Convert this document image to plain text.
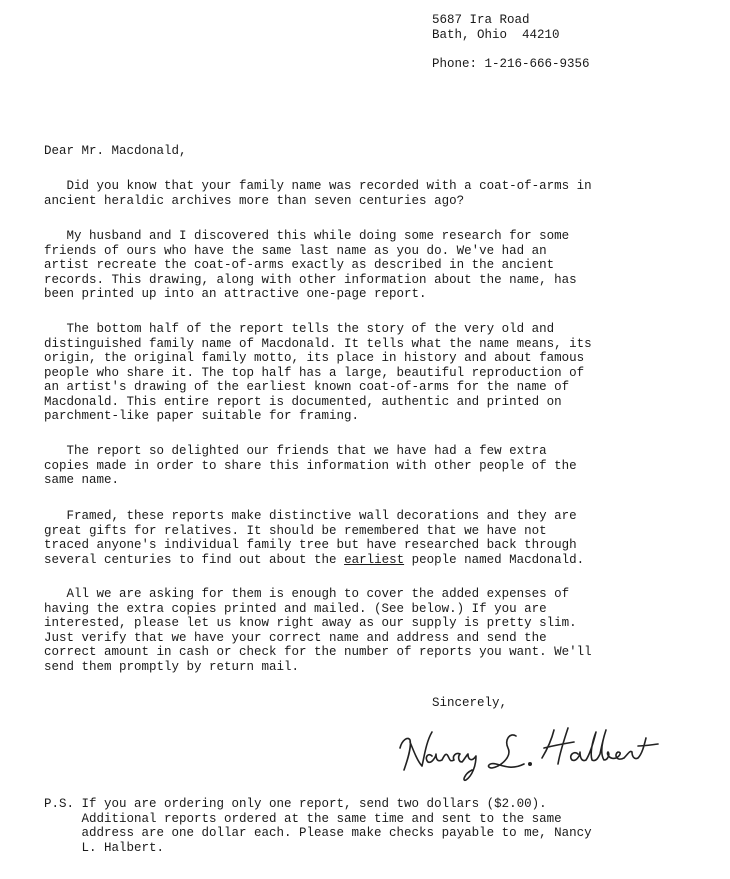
5687 Ira Road
Bath, Ohio  44210
Phone: 1-216-666-9356
Dear Mr. Macdonald,
Did you know that your family name was recorded with a coat-of-arms in
ancient heraldic archives more than seven centuries ago?
My husband and I discovered this while doing some research for some
friends of ours who have the same last name as you do. We've had an
artist recreate the coat-of-arms exactly as described in the ancient
records. This drawing, along with other information about the name, has
been printed up into an attractive one-page report.
The bottom half of the report tells the story of the very old and
distinguished family name of Macdonald. It tells what the name means, its
origin, the original family motto, its place in history and about famous
people who share it. The top half has a large, beautiful reproduction of
an artist's drawing of the earliest known coat-of-arms for the name of
Macdonald. This entire report is documented, authentic and printed on
parchment-like paper suitable for framing.
The report so delighted our friends that we have had a few extra
copies made in order to share this information with other people of the
same name.
Framed, these reports make distinctive wall decorations and they are
great gifts for relatives. It should be remembered that we have not
traced anyone's individual family tree but have researched back through
several centuries to find out about the earliest people named Macdonald.
All we are asking for them is enough to cover the added expenses of
having the extra copies printed and mailed. (See below.) If you are
interested, please let us know right away as our supply is pretty slim.
Just verify that we have your correct name and address and send the
correct amount in cash or check for the number of reports you want. We'll
send them promptly by return mail.
Sincerely,
P.S. If you are ordering only one report, send two dollars ($2.00).
Additional reports ordered at the same time and sent to the same
address are one dollar each. Please make checks payable to me, Nancy
L. Halbert.
